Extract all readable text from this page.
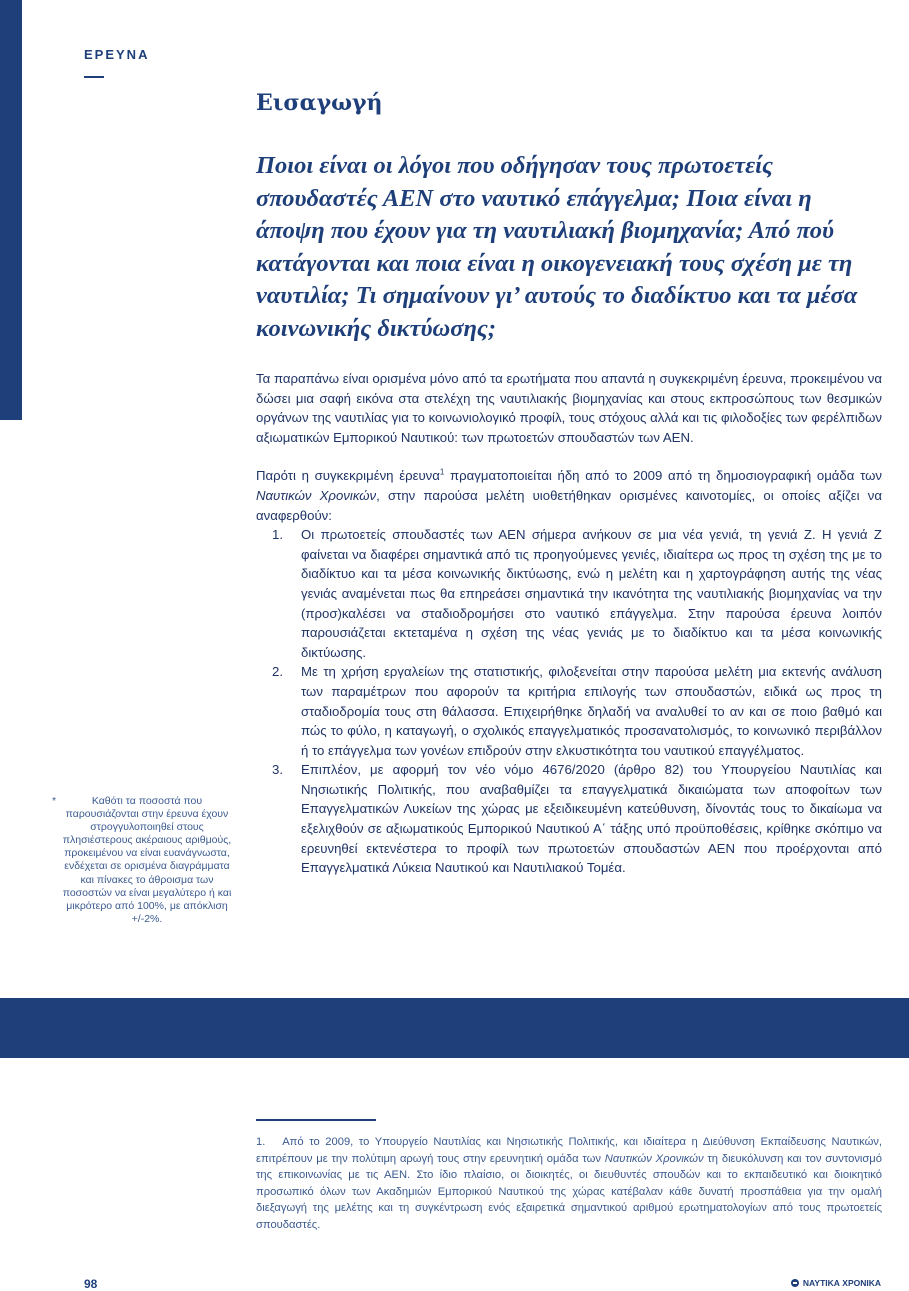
ΕΡΕΥΝΑ
Εισαγωγή
Ποιοι είναι οι λόγοι που οδήγησαν τους πρωτοετείς σπουδαστές ΑΕΝ στο ναυτικό επάγγελμα; Ποια είναι η άποψη που έχουν για τη ναυτιλιακή βιομηχανία; Από πού κατάγονται και ποια είναι η οικογενειακή τους σχέση με τη ναυτιλία; Τι σημαίνουν γι’ αυτούς το διαδίκτυο και τα μέσα κοινωνικής δικτύωσης;

Τα παραπάνω είναι ορισμένα μόνο από τα ερωτήματα που απαντά η συγκεκριμένη έρευνα, προκειμένου να δώσει μια σαφή εικόνα στα στελέχη της ναυτιλιακής βιομηχανίας και στους εκπροσώπους των θεσμικών οργάνων της ναυτιλίας για το κοινωνιολογικό προφίλ, τους στόχους αλλά και τις φιλοδοξίες των φερέλπιδων αξιωματικών Εμπορικού Ναυτικού: των πρωτοετών σπουδαστών των ΑΕΝ.

Παρότι η συγκεκριμένη έρευνα$^1$ πραγματοποιείται ήδη από το 2009 από τη δημοσιογραφική ομάδα των Ναυτικών Χρονικών, στην παρούσα μελέτη υιοθετήθηκαν ορισμένες καινοτομίες, οι οποίες αξίζει να αναφερθούν:

1.	Οι πρωτοετείς σπουδαστές των ΑΕΝ σήμερα ανήκουν σε μια νέα γενιά, τη γενιά Ζ. Η γενιά Ζ φαίνεται να διαφέρει σημαντικά από τις προηγούμενες γενιές, ιδιαίτερα ως προς τη σχέση της με το διαδίκτυο και τα μέσα κοινωνικής δικτύωσης, ενώ η μελέτη και η χαρτογράφηση αυτής της νέας γενιάς αναμένεται πως θα επηρεάσει σημαντικά την ικανότητα της ναυτιλιακής βιομηχανίας να την (προσ)καλέσει να σταδιοδρομήσει στο ναυτικό επάγγελμα. Στην παρούσα έρευνα λοιπόν παρουσιάζεται εκτεταμένα η σχέση της νέας γενιάς με το διαδίκτυο και τα μέσα κοινωνικής δικτύωσης.
2.	Με τη χρήση εργαλείων της στατιστικής, φιλοξενείται στην παρούσα μελέτη μια εκτενής ανάλυση των παραμέτρων που αφορούν τα κριτήρια επιλογής των σπουδαστών, ειδικά ως προς τη σταδιοδρομία τους στη θάλασσα. Επιχειρήθηκε δηλαδή να αναλυθεί το αν και σε ποιο βαθμό και πώς το φύλο, η καταγωγή, ο σχολικός επαγγελματικός προσανατολισμός, το κοινωνικό περιβάλλον ή το επάγγελμα των γονέων επιδρούν στην ελκυστικότητα του ναυτικού επαγγέλματος.
3.	Επιπλέον, με αφορμή τον νέο νόμο 4676/2020 (άρθρο 82) του Υπουργείου Ναυτιλίας και Νησιωτικής Πολιτικής, που αναβαθμίζει τα επαγγελματικά δικαιώματα των αποφοίτων των Επαγγελματικών Λυκείων της χώρας με εξειδικευμένη κατεύθυνση, δίνοντάς τους το δικαίωμα να εξελιχθούν σε αξιωματικούς Εμπορικού Ναυτικού Α΄ τάξης υπό προϋποθέσεις, κρίθηκε σκόπιμο να ερευνηθεί εκτενέστερα το προφίλ των πρωτοετών σπουδαστών ΑΕΝ που προέρχονται από Επαγγελματικά Λύκεια Ναυτικού και Ναυτιλιακού Τομέα.
*	Καθότι τα ποσοστά που παρουσιάζονται στην έρευνα έχουν στρογγυλοποιηθεί στους πλησιέστερους ακέραιους αριθμούς, προκειμένου να είναι ευανάγνωστα, ενδέχεται σε ορισμένα διαγράμματα και πίνακες το άθροισμα των ποσοστών να είναι μεγαλύτερο ή και μικρότερο από 100%, με απόκλιση +/-2%.

1. Από το 2009, το Υπουργείο Ναυτιλίας και Νησιωτικής Πολιτικής, και ιδιαίτερα η Διεύθυνση Εκπαίδευσης Ναυτικών, επιτρέπουν με την πολύτιμη αρωγή τους στην ερευνητική ομάδα των Ναυτικών Χρονικών τη διευκόλυνση και τον συντονισμό της επικοινωνίας με τις ΑΕΝ. Στο ίδιο πλαίσιο, οι διοικητές, οι διευθυντές σπουδών και το εκπαιδευτικό και διοικητικό προσωπικό όλων των Ακαδημιών Εμπορικού Ναυτικού της χώρας κατέβαλαν κάθε δυνατή προσπάθεια για την ομαλή διεξαγωγή της μελέτης και τη συγκέντρωση ενός εξαιρετικά σημαντικού αριθμού ερωτηματολογίων από τους πρωτοετείς σπουδαστές.

98	ΝΑΥΤΙΚΑ ΧΡΟΝΙΚΑ
